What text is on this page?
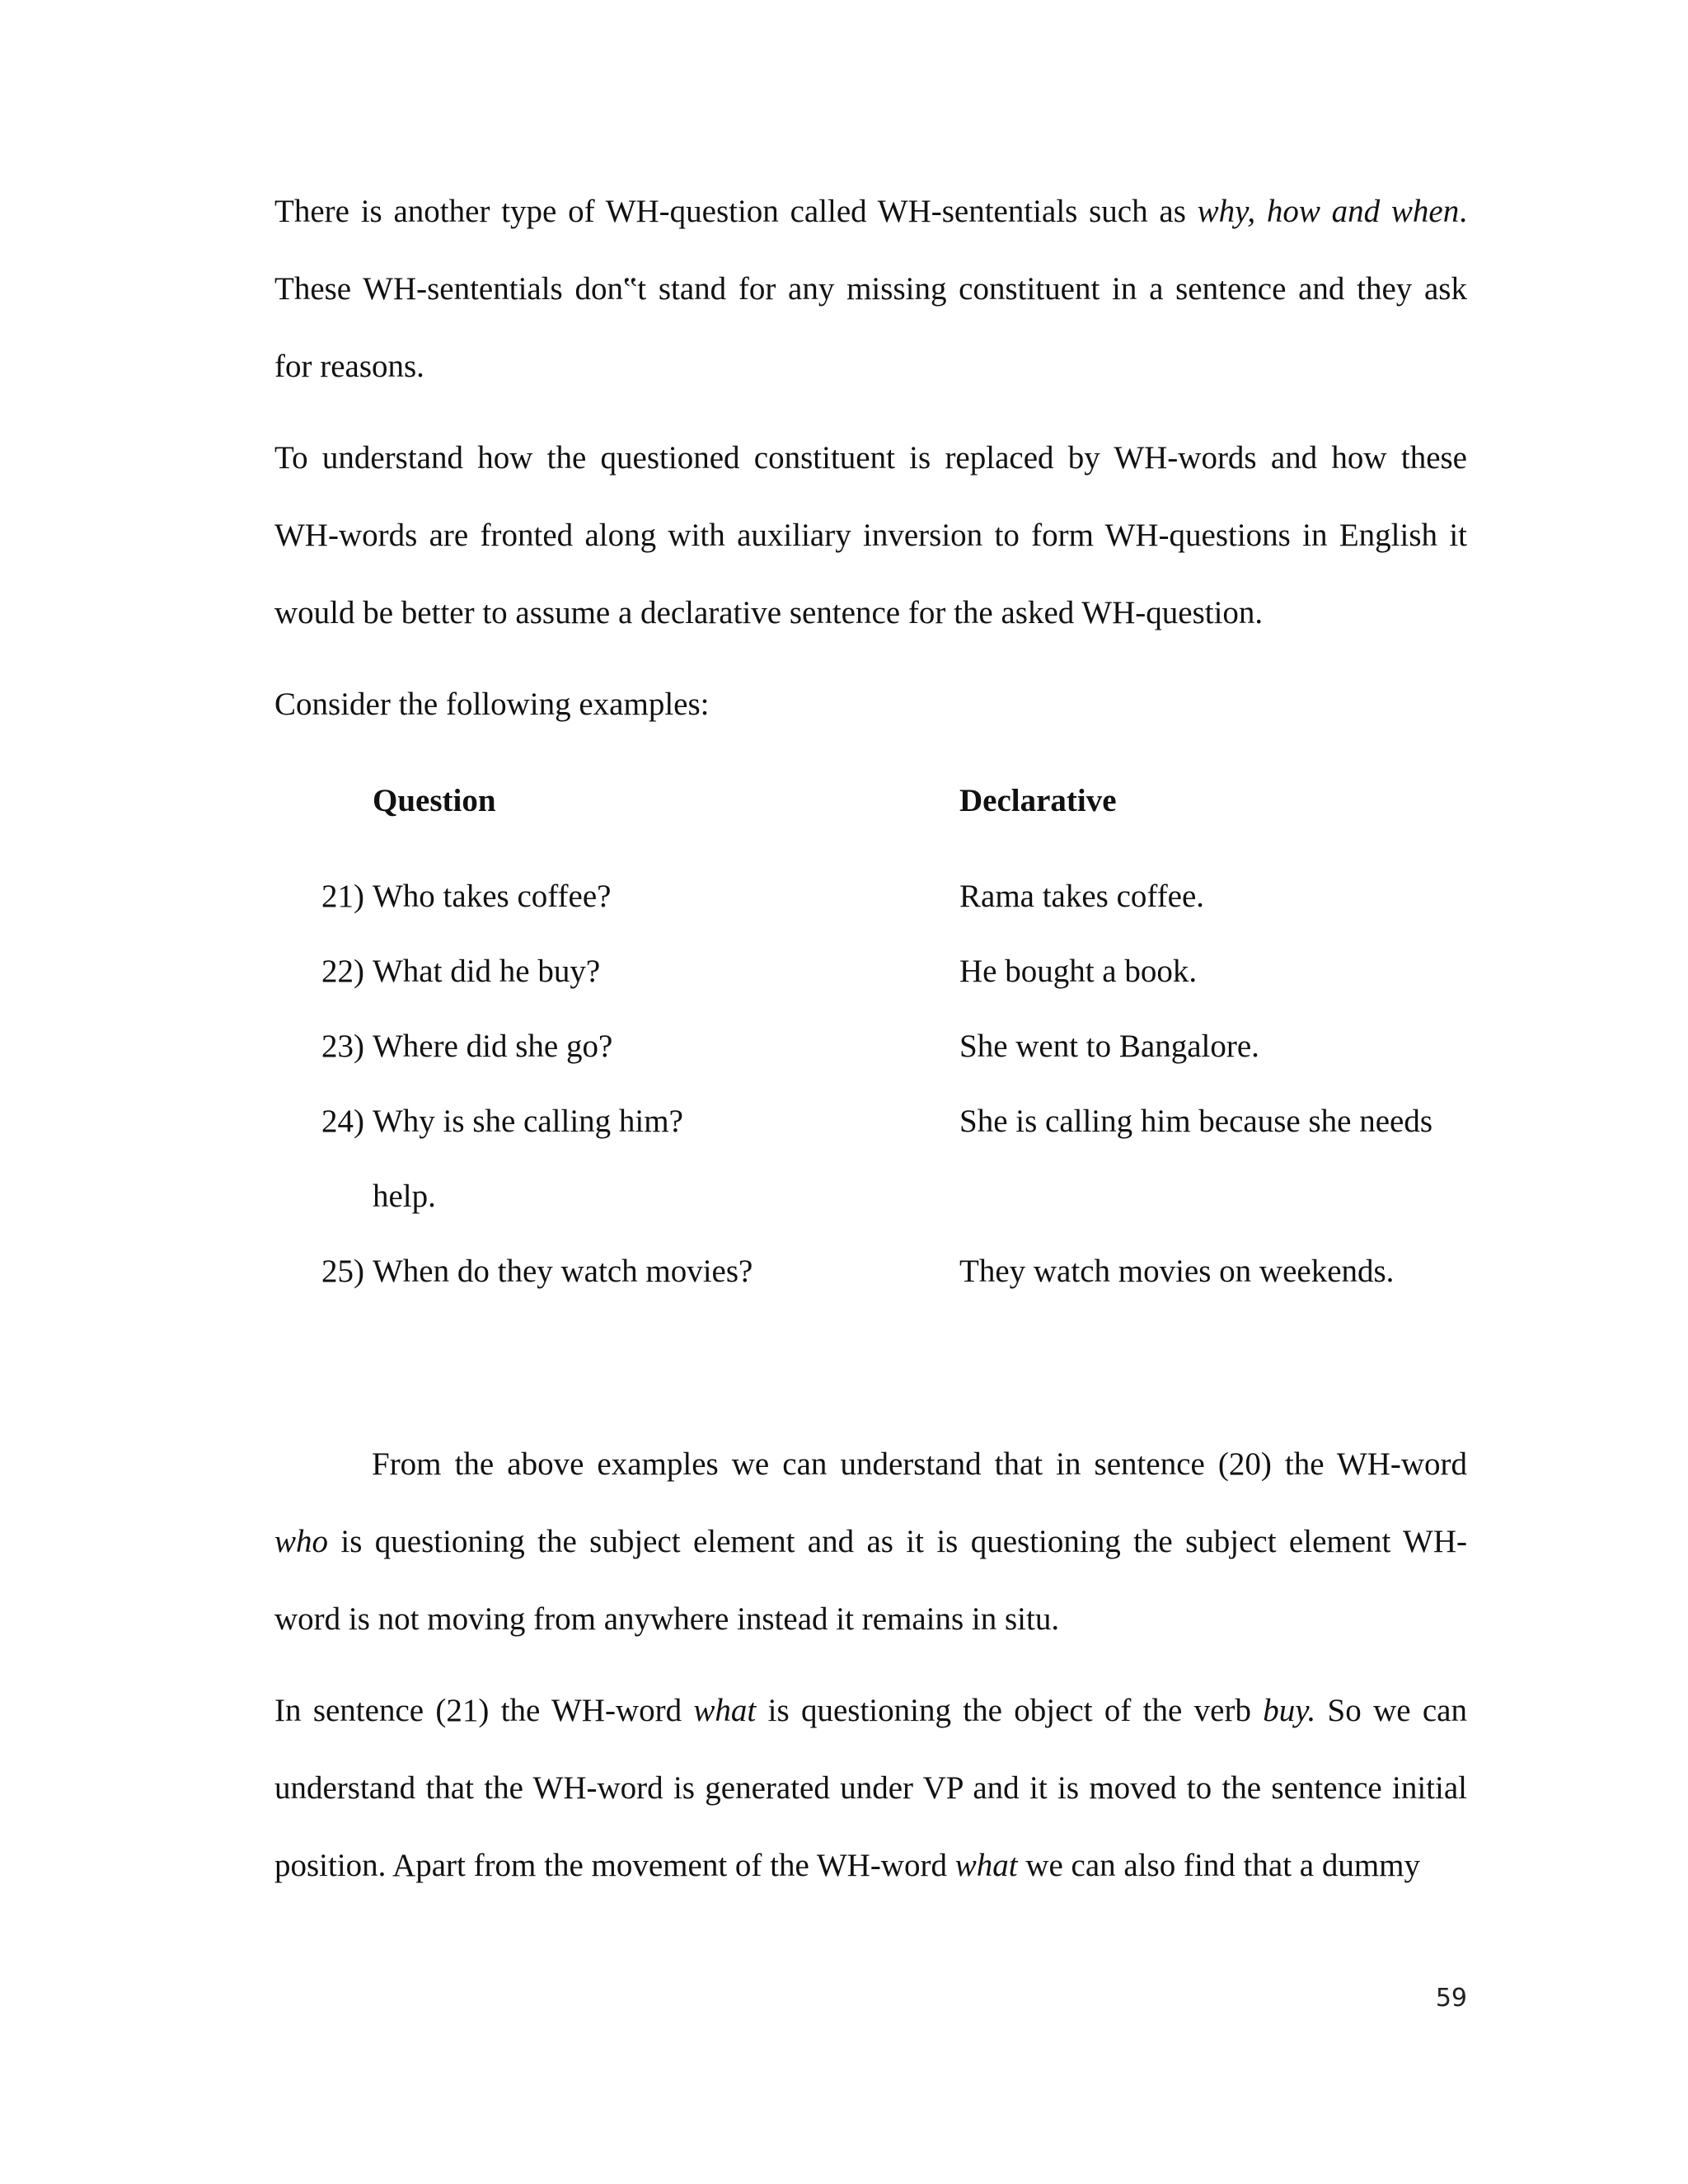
There is another type of WH-question called WH-sententials such as why, how and when.
These WH-sententials don‟t stand for any missing constituent in a sentence and they ask
for reasons.
To understand how the questioned constituent is replaced by WH-words and how these
WH-words are fronted along with auxiliary inversion to form WH-questions in English it
would be better to assume a declarative sentence for the asked WH-question.
Consider the following examples:
Question	Declarative
21) Who takes coffee?	Rama takes coffee.
22) What did he buy?	He bought a book.
23) Where did she go?	She went to Bangalore.
24) Why is she calling him?	She is calling him because she needs
help.
25) When do they watch movies?	They watch movies on weekends.
From the above examples we can understand that in sentence (20) the WH-word
who is questioning the subject element and as it is questioning the subject element WH-
word is not moving from anywhere instead it remains in situ.
In sentence (21) the WH-word what is questioning the object of the verb buy. So we can
understand that the WH-word is generated under VP and it is moved to the sentence initial
position. Apart from the movement of the WH-word what we can also find that a dummy
59
